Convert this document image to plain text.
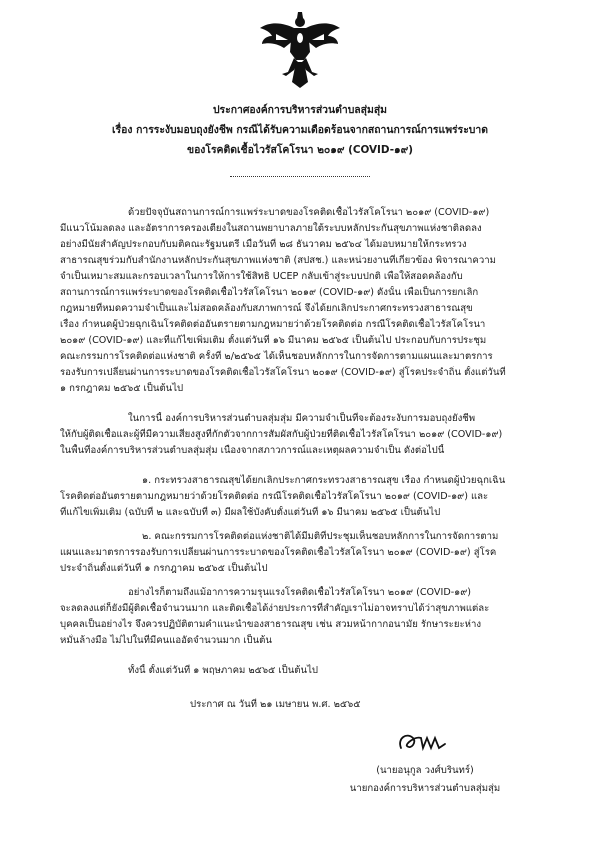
ประกาศองค์การบริหารส่วนตำบลสุ่มสุ่ม
เรื่อง การระงับมอบถุงยังชีพ กรณีได้รับความเดือดร้อนจากสถานการณ์การแพร่ระบาด
ของโรคติดเชื้อไวรัสโคโรนา ๒๐๑๙ (COVID-๑๙)
ด้วยปัจจุบันสถานการณ์การแพร่ระบาดของโรคติดเชื้อไวรัสโคโรนา ๒๐๑๙ (COVID-๑๙)
มีแนวโน้มลดลง และอัตราการครองเตียงในสถานพยาบาลภายใต้ระบบหลักประกันสุขภาพแห่งชาติลดลง
อย่างมีนัยสำคัญประกอบกับมติคณะรัฐมนตรี เมื่อวันที่ ๒๘ ธันวาคม ๒๕๖๔ ได้มอบหมายให้กระทรวง
สาธารณสุขร่วมกับสำนักงานหลักประกันสุขภาพแห่งชาติ (สปสช.) และหน่วยงานที่เกี่ยวข้อง พิจารณาความ
จำเป็นเหมาะสมและกรอบเวลาในการให้การใช้สิทธิ UCEP กลับเข้าสู่ระบบปกติ เพื่อให้สอดคล้องกับ
สถานการณ์การแพร่ระบาดของโรคติดเชื้อไวรัสโคโรนา ๒๐๑๙ (COVID-๑๙) ดังนั้น เพื่อเป็นการยกเลิก
กฎหมายที่หมดความจำเป็นและไม่สอดคล้องกับสภาพการณ์ จึงได้ยกเลิกประกาศกระทรวงสาธารณสุข
เรื่อง กำหนดผู้ป่วยฉุกเฉินโรคติดต่ออันตรายตามกฎหมายว่าด้วยโรคติดต่อ กรณีโรคติดเชื้อไวรัสโคโรนา
๒๐๑๙ (COVID-๑๙) และที่แก้ไขเพิ่มเติม ตั้งแต่วันที่ ๑๖ มีนาคม ๒๕๖๕ เป็นต้นไป ประกอบกับการประชุม
คณะกรรมการโรคติดต่อแห่งชาติ ครั้งที่ ๒/๒๕๖๕ ได้เห็นชอบหลักการในการจัดการตามแผนและมาตรการ
รองรับการเปลี่ยนผ่านการระบาดของโรคติดเชื้อไวรัสโคโรนา ๒๐๑๙ (COVID-๑๙) สู่โรคประจำถิ่น ตั้งแต่วันที่
๑ กรกฎาคม ๒๕๖๕ เป็นต้นไป
ในการนี้ องค์การบริหารส่วนตำบลสุ่มสุ่ม มีความจำเป็นที่จะต้องระงับการมอบถุงยังชีพ
ให้กับผู้ติดเชื้อและผู้ที่มีความเสี่ยงสูงที่กักตัวจากการสัมผัสกับผู้ป่วยที่ติดเชื้อไวรัสโคโรนา ๒๐๑๙ (COVID-๑๙)
ในพื้นที่องค์การบริหารส่วนตำบลสุ่มสุ่ม เนื่องจากสภาวการณ์และเหตุผลความจำเป็น ดังต่อไปนี้
๑. กระทรวงสาธารณสุขได้ยกเลิกประกาศกระทรวงสาธารณสุข เรื่อง กำหนดผู้ป่วยฉุกเฉิน
โรคติดต่ออันตรายตามกฎหมายว่าด้วยโรคติดต่อ กรณีโรคติดเชื้อไวรัสโคโรนา ๒๐๑๙ (COVID-๑๙) และ
ที่แก้ไขเพิ่มเติม (ฉบับที่ ๒ และฉบับที่ ๓) มีผลใช้บังคับตั้งแต่วันที่ ๑๖ มีนาคม ๒๕๖๕ เป็นต้นไป
๒. คณะกรรมการโรคติดต่อแห่งชาติได้มีมติที่ประชุมเห็นชอบหลักการในการจัดการตาม
แผนและมาตรการรองรับการเปลี่ยนผ่านการระบาดของโรคติดเชื้อไวรัสโคโรนา ๒๐๑๙ (COVID-๑๙) สู่โรค
ประจำถิ่นตั้งแต่วันที่ ๑ กรกฎาคม ๒๕๖๕ เป็นต้นไป
อย่างไรก็ตามถึงแม้อาการความรุนแรงโรคติดเชื้อไวรัสโคโรนา ๒๐๑๙ (COVID-๑๙)
จะลดลงแต่ก็ยังมีผู้ติดเชื้อจำนวนมาก และติดเชื้อได้ง่ายประการที่สำคัญเราไม่อาจทราบได้ว่าสุขภาพแต่ละ
บุคคลเป็นอย่างไร จึงควรปฏิบัติตามคำแนะนำของสาธารณสุข เช่น สวมหน้ากากอนามัย รักษาระยะห่าง
หมั่นล้างมือ ไม่ไปในที่มีคนแออัดจำนวนมาก เป็นต้น
ทั้งนี้ ตั้งแต่วันที่ ๑ พฤษภาคม ๒๕๖๕ เป็นต้นไป
ประกาศ ณ วันที่ ๒๑ เมษายน พ.ศ. ๒๕๖๕
(นายอนุกูล วงศ์บรินทร์)
นายกองค์การบริหารส่วนตำบลสุ่มสุ่ม
